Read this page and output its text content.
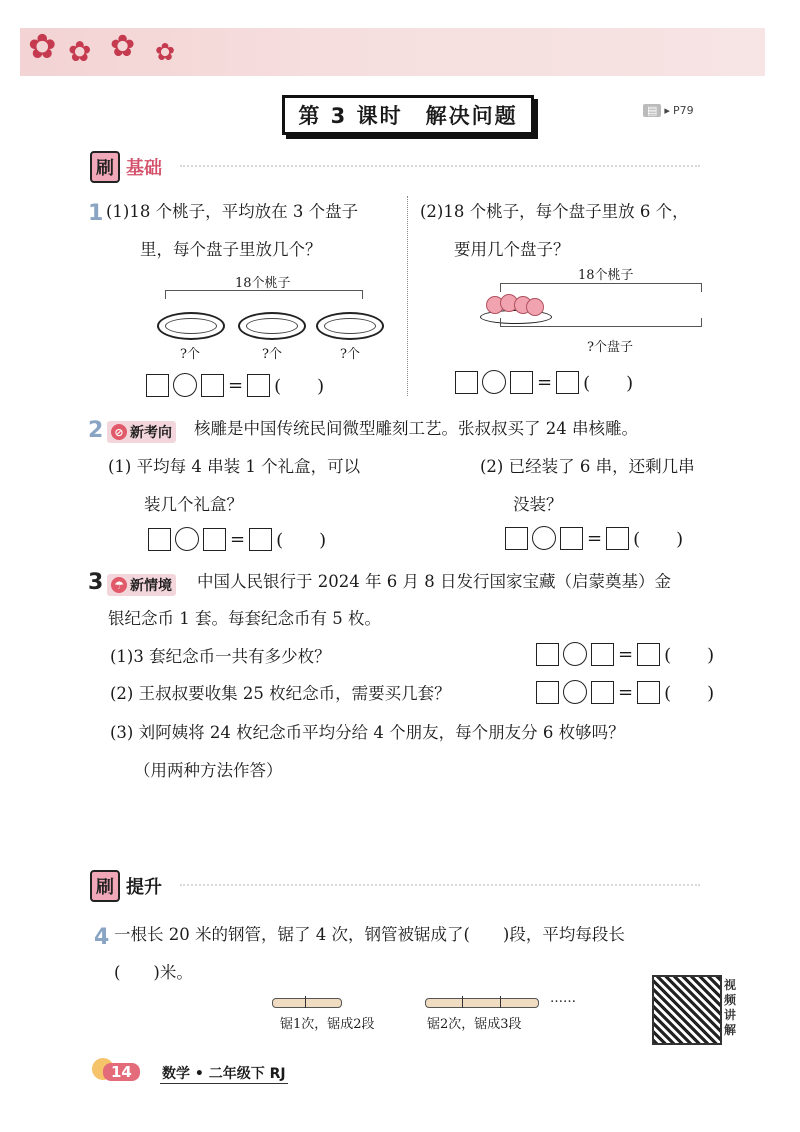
✿ ✿ ✿ ✿
第 3 课时　解决问题	▤ ▸ P79
刷 基础
1 (1)18 个桃子，平均放在 3 个盘子
里，每个盘子里放几个？
18个桃子
?个	?个	?个
= (　　)
(2)18 个桃子，每个盘子里放 6 个，
要用几个盘子？
18个桃子
?个盘子
= (　　)
2	⊘ 新考向 核雕是中国传统民间微型雕刻工艺。张叔叔买了 24 串核雕。
(1) 平均每 4 串装 1 个礼盒，可以
装几个礼盒？
(2) 已经装了 6 串，还剩几串
没装？
= (　　)	= (　　)
3 ☂ 新情境 中国人民银行于 2024 年 6 月 8 日发行国家宝藏（启蒙奠基）金
银纪念币 1 套。每套纪念币有 5 枚。
(1)3 套纪念币一共有多少枚？
(2) 王叔叔要收集 25 枚纪念币，需要买几套？
= (　　)
= (　　)
(3) 刘阿姨将 24 枚纪念币平均分给 4 个朋友，每个朋友分 6 枚够吗？
（用两种方法作答）
刷 提升
4 一根长 20 米的钢管，锯了 4 次，钢管被锯成了(　　)段，平均每段长
(　　)米。
锯1次，锯成2段	锯2次，锯成3段
……
视频讲解
14	数学 • 二年级下 RJ
